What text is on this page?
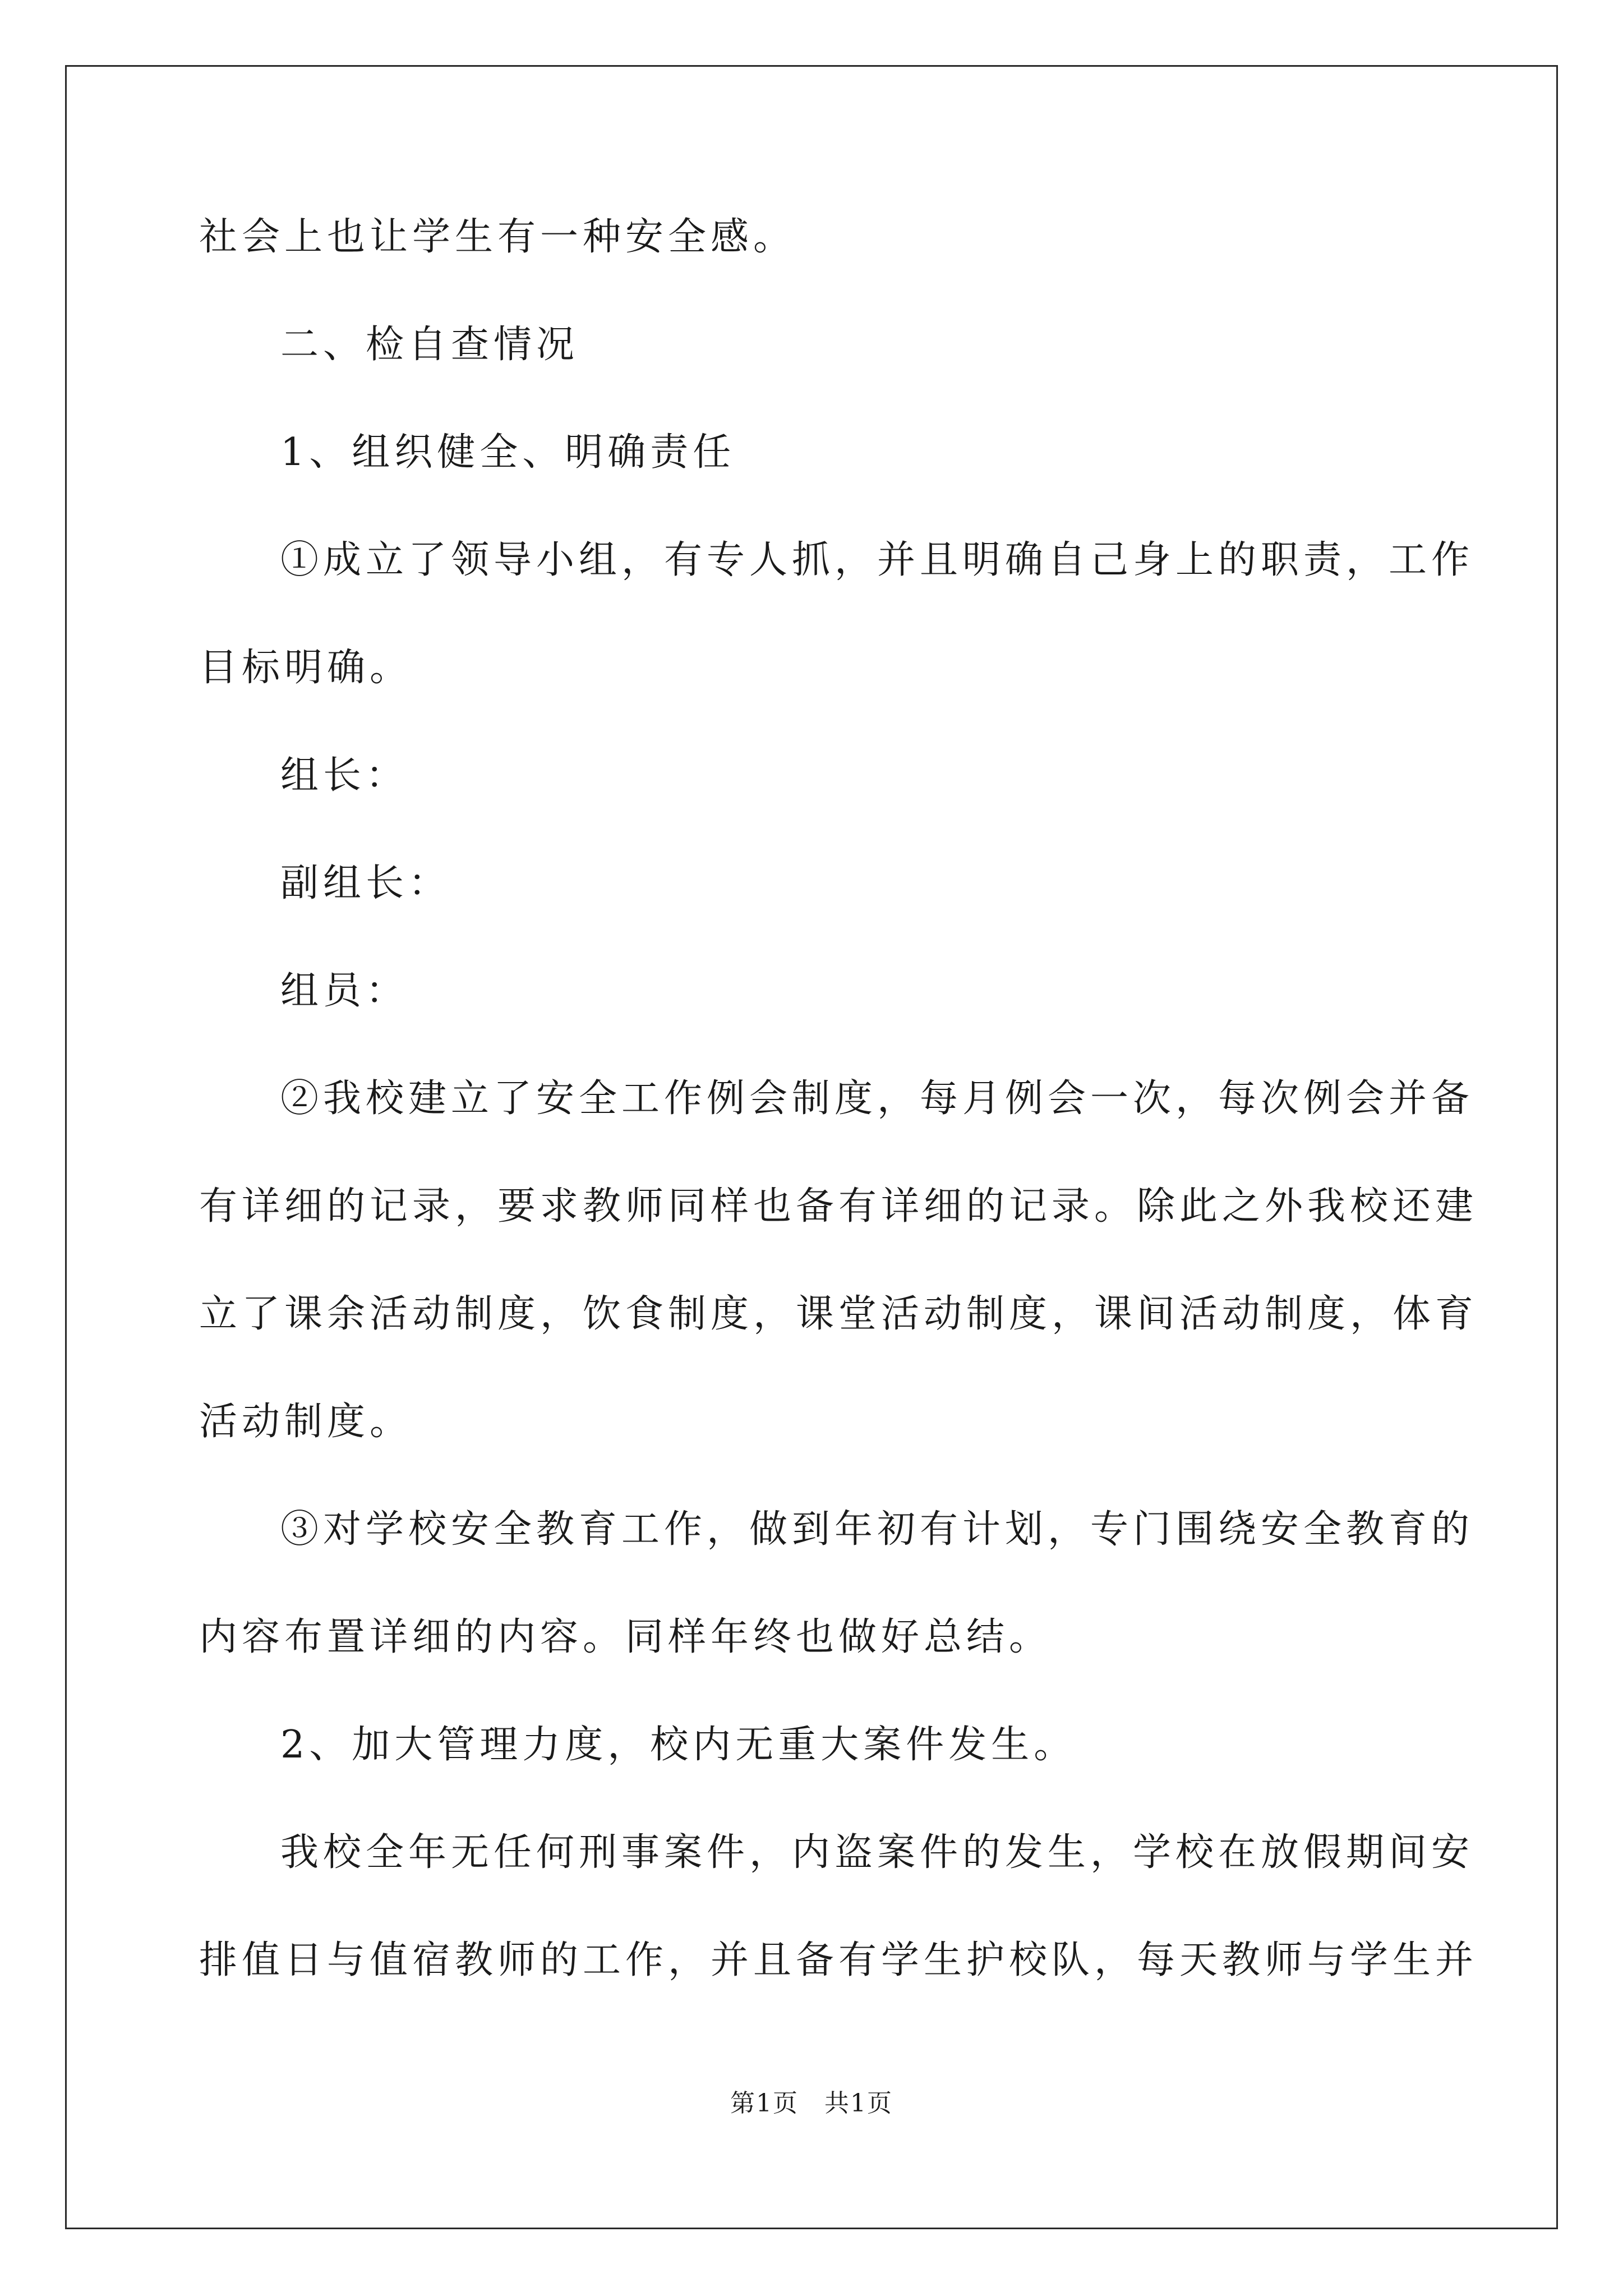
社会上也让学生有一种安全感。

二、检自查情况

1、组织健全、明确责任

①成立了领导小组，有专人抓，并且明确自己身上的职责，工作

目标明确。

组长：

副组长：

组员：

②我校建立了安全工作例会制度，每月例会一次，每次例会并备

有详细的记录，要求教师同样也备有详细的记录。除此之外我校还建

立了课余活动制度，饮食制度，课堂活动制度，课间活动制度，体育

活动制度。

③对学校安全教育工作，做到年初有计划，专门围绕安全教育的

内容布置详细的内容。同样年终也做好总结。

2、加大管理力度，校内无重大案件发生。

我校全年无任何刑事案件，内盗案件的发生，学校在放假期间安

排值日与值宿教师的工作，并且备有学生护校队，每天教师与学生并

第1页　共1页
